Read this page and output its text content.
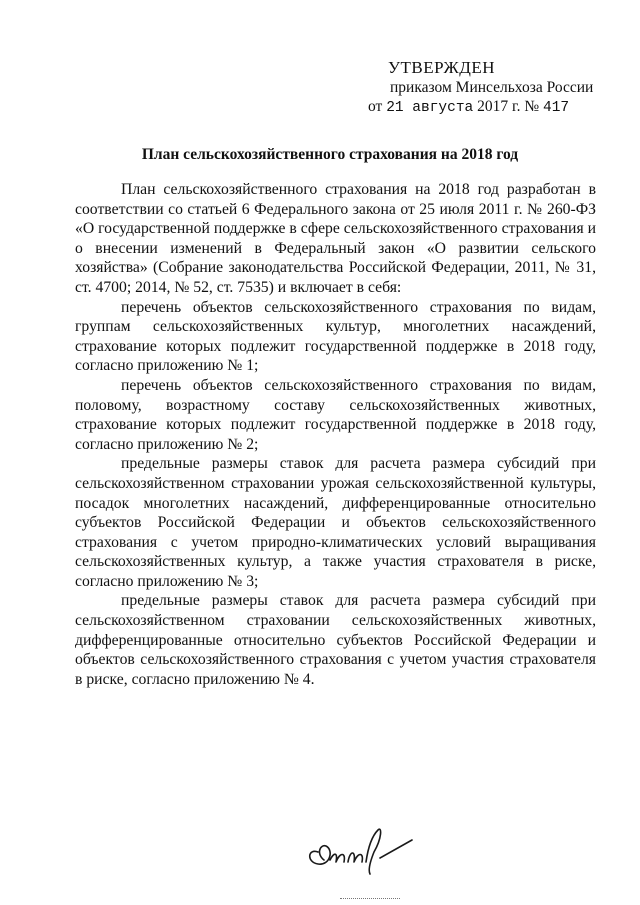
УТВЕРЖДЕН
приказом Минсельхоза России
от 21 августа 2017 г. № 417
План сельскохозяйственного страхования на 2018 год

План сельскохозяйственного страхования на 2018 год разработан в соответствии со статьей 6 Федерального закона от 25 июля 2011 г. № 260-ФЗ «О государственной поддержке в сфере сельскохозяйственного страхования и о внесении изменений в Федеральный закон «О развитии сельского хозяйства» (Собрание законодательства Российской Федерации, 2011, № 31, ст. 4700; 2014, № 52, ст. 7535) и включает в себя:

перечень объектов сельскохозяйственного страхования по видам, группам сельскохозяйственных культур, многолетних насаждений, страхование которых подлежит государственной поддержке в 2018 году, согласно приложению № 1;

перечень объектов сельскохозяйственного страхования по видам, половому, возрастному составу сельскохозяйственных животных, страхование которых подлежит государственной поддержке в 2018 году, согласно приложению № 2;

предельные размеры ставок для расчета размера субсидий при сельскохозяйственном страховании урожая сельскохозяйственной культуры, посадок многолетних насаждений, дифференцированные относительно субъектов Российской Федерации и объектов сельскохозяйственного страхования с учетом природно-климатических условий выращивания сельскохозяйственных культур, а также участия страхователя в риске, согласно приложению № 3;

предельные размеры ставок для расчета размера субсидий при сельскохозяйственном страховании сельскохозяйственных животных, дифференцированные относительно субъектов Российской Федерации и объектов сельскохозяйственного страхования с учетом участия страхователя в риске, согласно приложению № 4.
